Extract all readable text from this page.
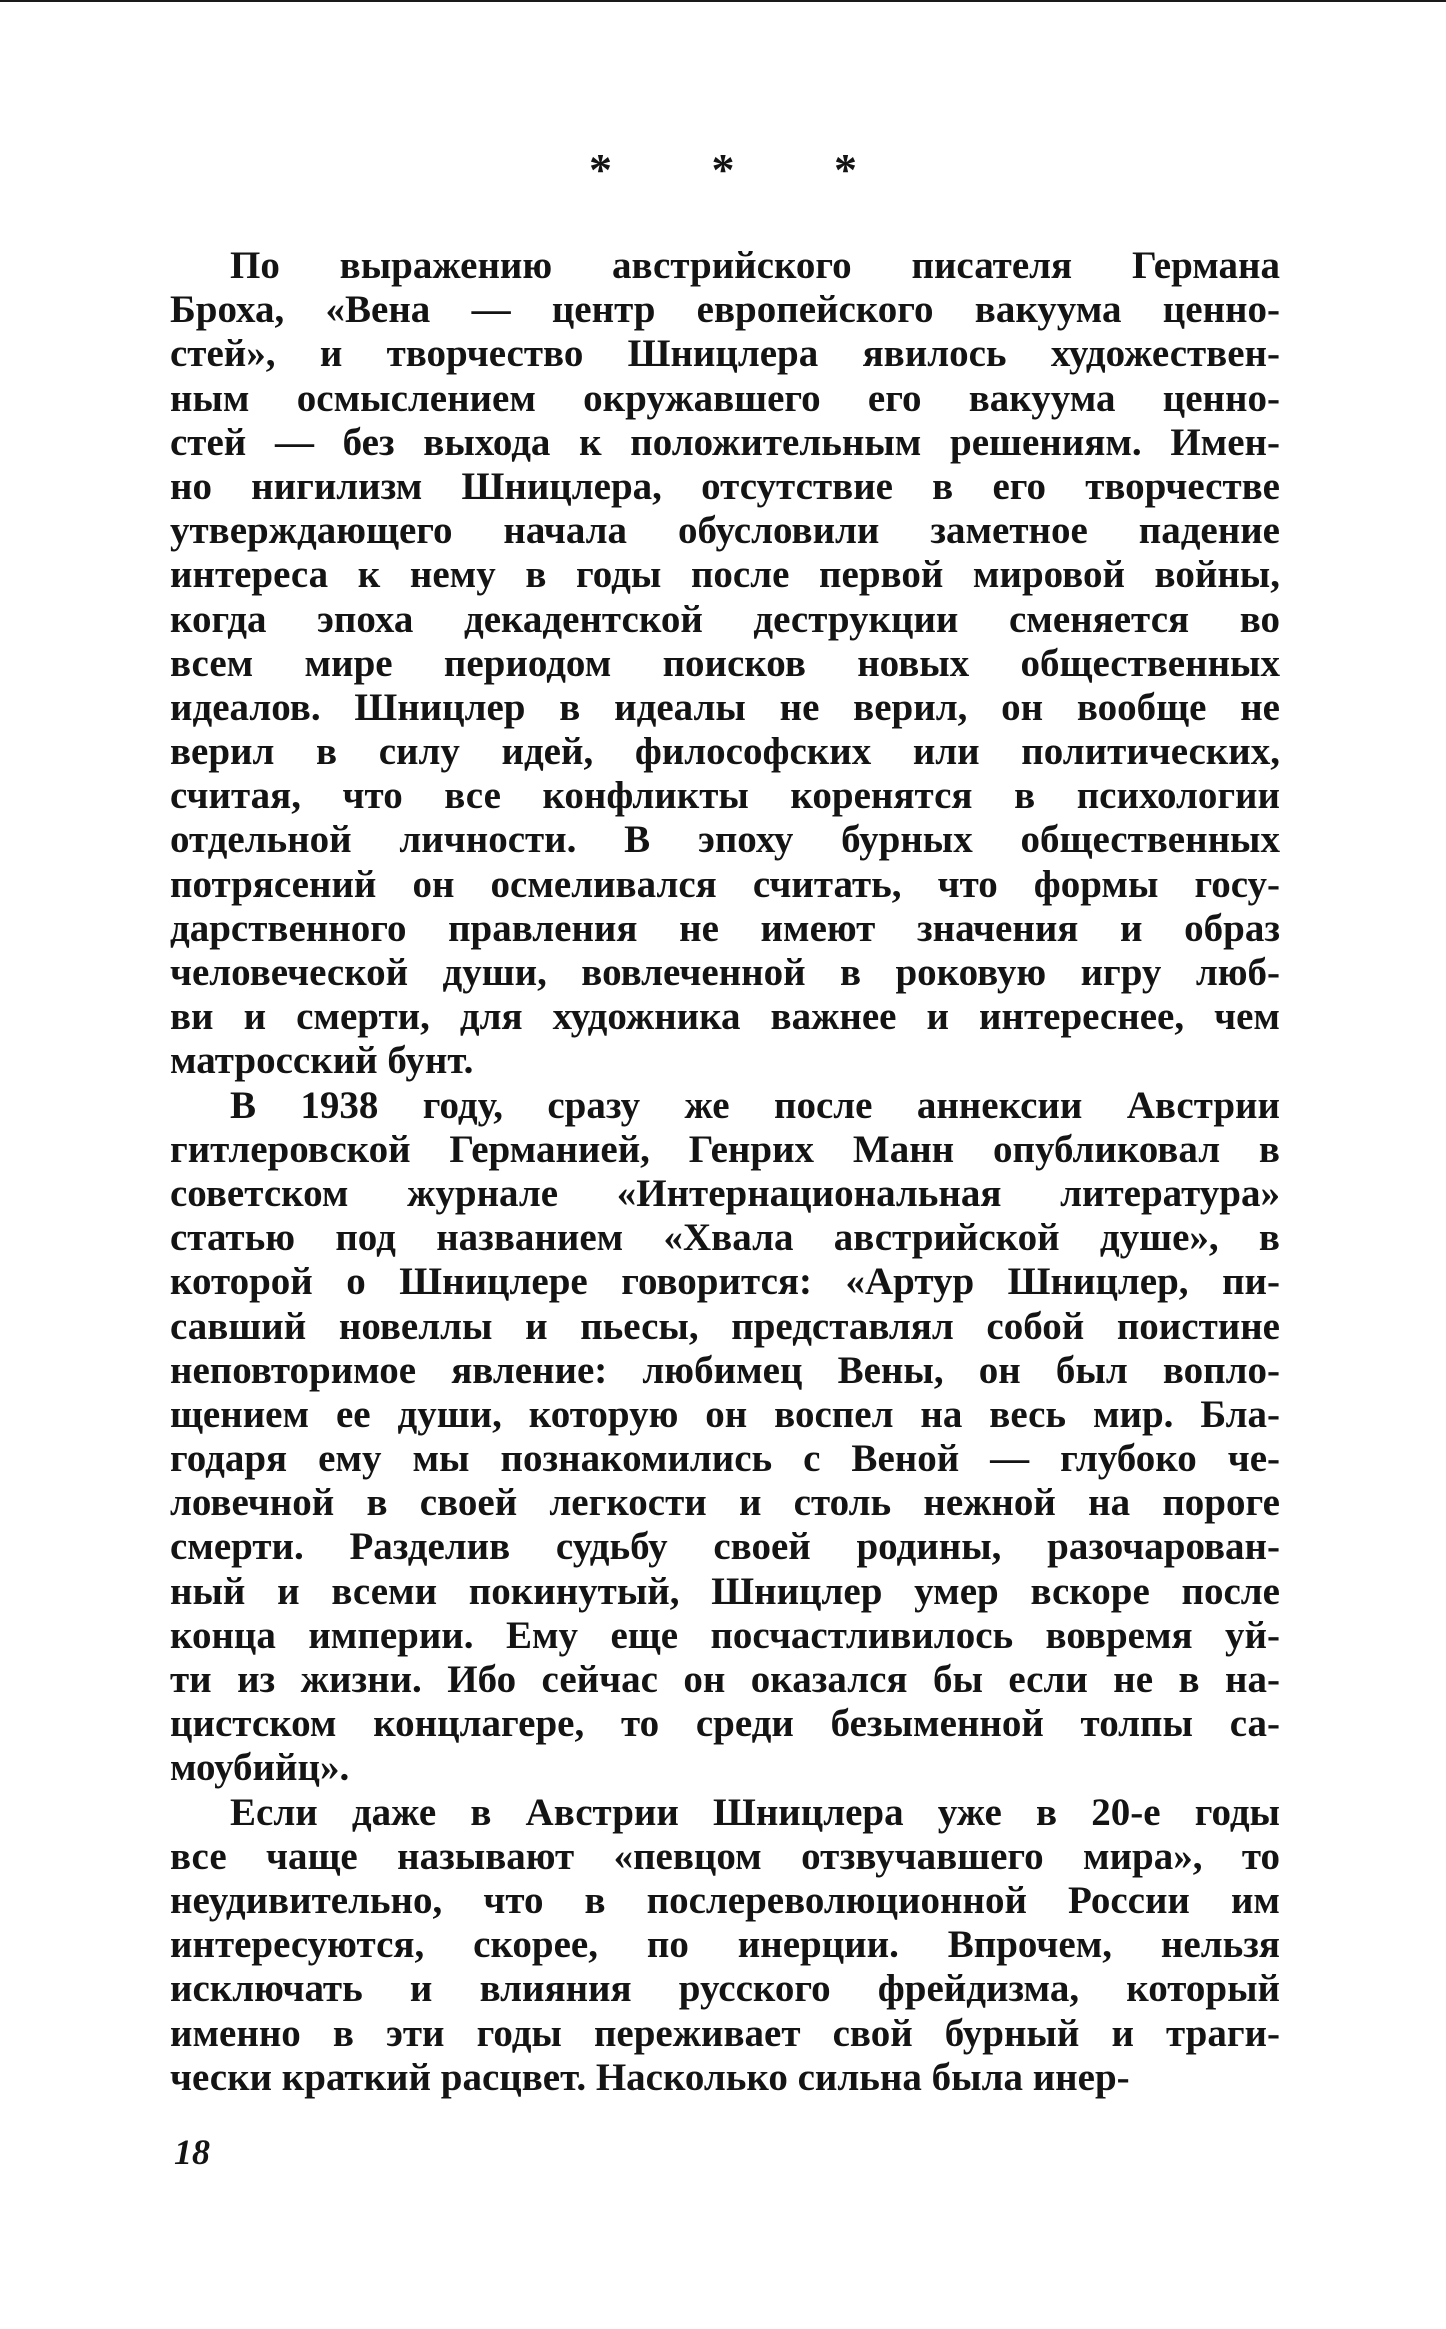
* * *
По выражению австрийского писателя Германа
Броха, «Вена — центр европейского вакуума ценно-
стей», и творчество Шницлера явилось художествен-
ным осмыслением окружавшего его вакуума ценно-
стей — без выхода к положительным решениям. Имен-
но нигилизм Шницлера, отсутствие в его творчестве
утверждающего начала обусловили заметное падение
интереса к нему в годы после первой мировой войны,
когда эпоха декадентской деструкции сменяется во
всем мире периодом поисков новых общественных
идеалов. Шницлер в идеалы не верил, он вообще не
верил в силу идей, философских или политических,
считая, что все конфликты коренятся в психологии
отдельной личности. В эпоху бурных общественных
потрясений он осмеливался считать, что формы госу-
дарственного правления не имеют значения и образ
человеческой души, вовлеченной в роковую игру люб-
ви и смерти, для художника важнее и интереснее, чем
матросский бунт.
В 1938 году, сразу же после аннексии Австрии
гитлеровской Германией, Генрих Манн опубликовал в
советском журнале «Интернациональная литература»
статью под названием «Хвала австрийской душе», в
которой о Шницлере говорится: «Артур Шницлер, пи-
савший новеллы и пьесы, представлял собой поистине
неповторимое явление: любимец Вены, он был вопло-
щением ее души, которую он воспел на весь мир. Бла-
годаря ему мы познакомились с Веной — глубоко че-
ловечной в своей легкости и столь нежной на пороге
смерти. Разделив судьбу своей родины, разочарован-
ный и всеми покинутый, Шницлер умер вскоре после
конца империи. Ему еще посчастливилось вовремя уй-
ти из жизни. Ибо сейчас он оказался бы если не в на-
цистском концлагере, то среди безыменной толпы са-
моубийц».
Если даже в Австрии Шницлера уже в 20-е годы
все чаще называют «певцом отзвучавшего мира», то
неудивительно, что в послереволюционной России им
интересуются, скорее, по инерции. Впрочем, нельзя
исключать и влияния русского фрейдизма, который
именно в эти годы переживает свой бурный и траги-
чески краткий расцвет. Насколько сильна была инер-
18
